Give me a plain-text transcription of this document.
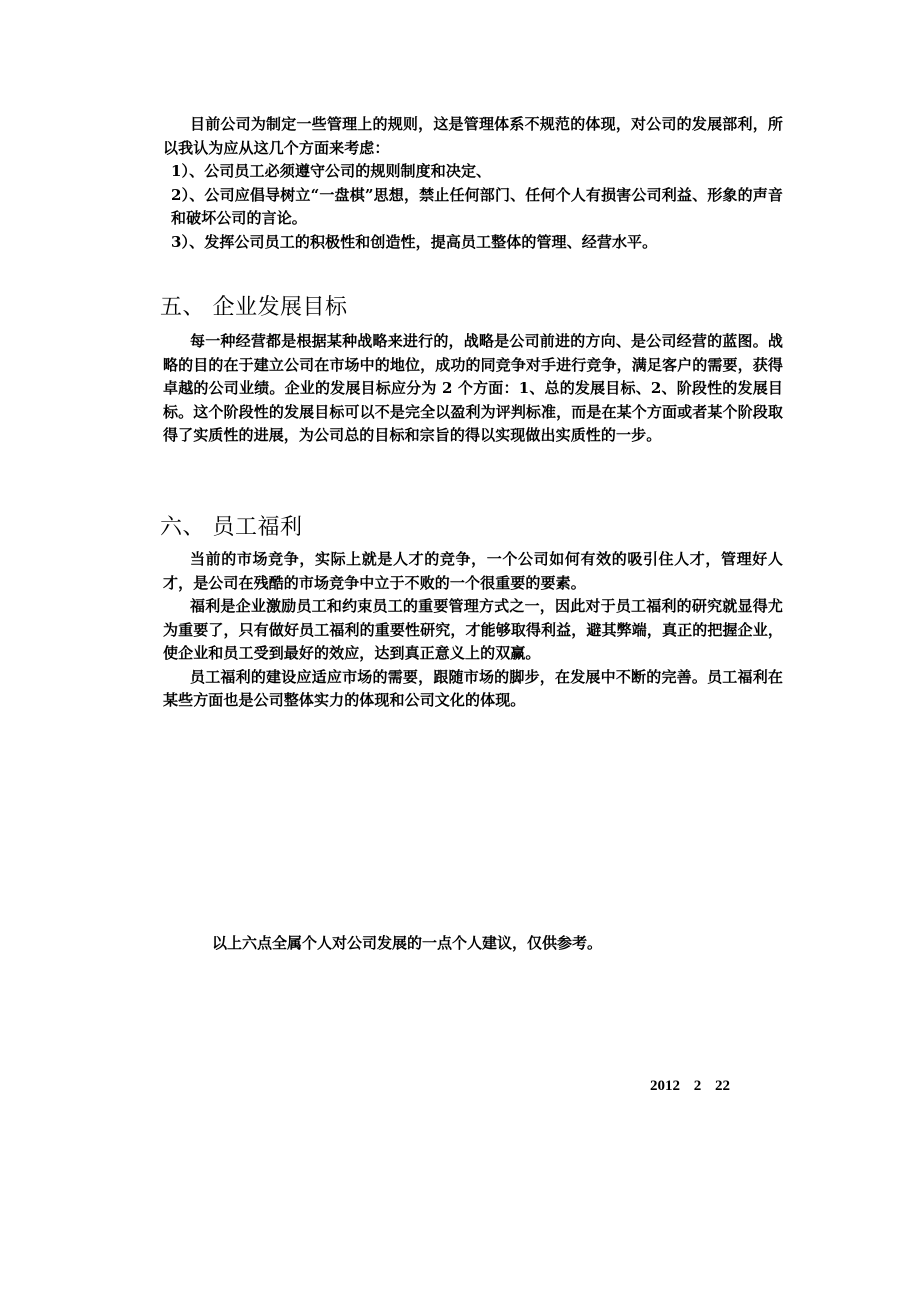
目前公司为制定一些管理上的规则，这是管理体系不规范的体现，对公司的发展部利，所以我认为应从这几个方面来考虑：

1）、公司员工必须遵守公司的规则制度和决定、

2）、公司应倡导树立“一盘棋”思想，禁止任何部门、任何个人有损害公司利益、形象的声音和破坏公司的言论。

3）、发挥公司员工的积极性和创造性，提高员工整体的管理、经营水平。

五、 企业发展目标

每一种经营都是根据某种战略来进行的，战略是公司前进的方向、是公司经营的蓝图。战略的目的在于建立公司在市场中的地位，成功的同竞争对手进行竞争，满足客户的需要，获得卓越的公司业绩。企业的发展目标应分为 2 个方面：1、总的发展目标、2、阶段性的发展目标。这个阶段性的发展目标可以不是完全以盈利为评判标准，而是在某个方面或者某个阶段取得了实质性的进展，为公司总的目标和宗旨的得以实现做出实质性的一步。

六、 员工福利

当前的市场竞争，实际上就是人才的竞争，一个公司如何有效的吸引住人才，管理好人才，是公司在残酷的市场竞争中立于不败的一个很重要的要素。

福利是企业激励员工和约束员工的重要管理方式之一，因此对于员工福利的研究就显得尤为重要了，只有做好员工福利的重要性研究，才能够取得利益，避其弊端，真正的把握企业，使企业和员工受到最好的效应，达到真正意义上的双赢。

员工福利的建设应适应市场的需要，跟随市场的脚步，在发展中不断的完善。员工福利在某些方面也是公司整体实力的体现和公司文化的体现。

以上六点全属个人对公司发展的一点个人建议，仅供参考。
2012 2 22
